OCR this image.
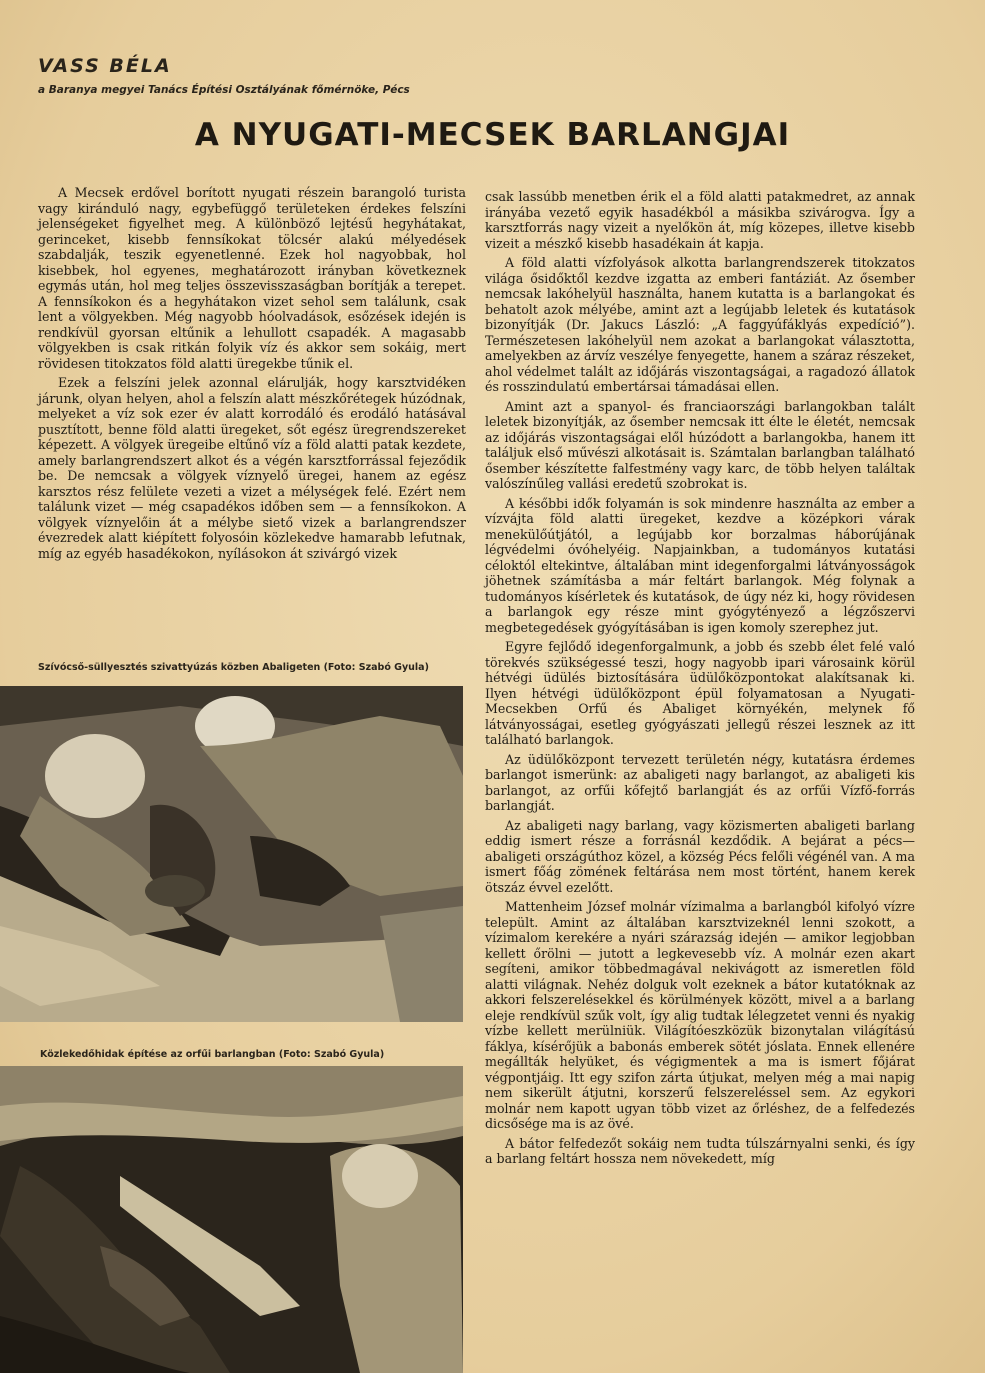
VASS BÉLA
a Baranya megyei Tanács Építési Osztályának főmérnöke, Pécs
A NYUGATI-MECSEK BARLANGJAI

A Mecsek erdővel borított nyugati részein barangoló turista vagy kiránduló nagy, egybefüggő területeken érdekes felszíni jelenségeket figyelhet meg. A különböző lejtésű hegyhátakat, gerinceket, kisebb fennsíkokat tölcsér alakú mélyedések szabdalják, teszik egyenetlenné. Ezek hol nagyobbak, hol kisebbek, hol egyenes, meghatározott irányban következnek egymás után, hol meg teljes összevisszaságban borítják a terepet. A fennsíkokon és a hegyhátakon vizet sehol sem találunk, csak lent a völgyekben. Még nagyobb hóolvadások, esőzések idején is rendkívül gyorsan eltűnik a lehullott csapadék. A magasabb völgyekben is csak ritkán folyik víz és akkor sem sokáig, mert rövidesen titokzatos föld alatti üregekbe tűnik el.

Ezek a felszíni jelek azonnal elárulják, hogy karsztvidéken járunk, olyan helyen, ahol a felszín alatt mészkőrétegek húzódnak, melyeket a víz sok ezer év alatt korrodáló és erodáló hatásával pusztított, benne föld alatti üregeket, sőt egész üregrendszereket képezett. A völgyek üregeibe eltűnő víz a föld alatti patak kezdete, amely barlangrendszert alkot és a végén karsztforrással fejeződik be. De nemcsak a völgyek víznyelő üregei, hanem az egész karsztos rész felülete vezeti a vizet a mélységek felé. Ezért nem találunk vizet — még csapadékos időben sem — a fennsíkokon. A völgyek víznyelőin át a mélybe siető vizek a barlangrendszer évezredek alatt kiépített folyosóin közlekedve hamarabb lefutnak, míg az egyéb hasadékokon, nyílásokon át szivárgó vizek

Szívócső-süllyesztés szivattyúzás közben Abaligeten (Foto: Szabó Gyula)
Közlekedőhidak építése az orfűi barlangban (Foto: Szabó Gyula)

csak lassúbb menetben érik el a föld alatti patakmedret, az annak irányába vezető egyik hasadékból a másikba szivárogva. Így a karsztforrás nagy vizeit a nyelőkön át, míg közepes, illetve kisebb vizeit a mészkő kisebb hasadékain át kapja.

A föld alatti vízfolyások alkotta barlangrendszerek titokzatos világa ősidőktől kezdve izgatta az emberi fantáziát. Az ősember nemcsak lakóhelyül használta, hanem kutatta is a barlangokat és behatolt azok mélyébe, amint azt a legújabb leletek és kutatások bizonyítják (Dr. Jakucs László: „A faggyúfáklyás expedíció”). Természetesen lakóhelyül nem azokat a barlangokat választotta, amelyekben az árvíz veszélye fenyegette, hanem a száraz részeket, ahol védelmet talált az időjárás viszontagságai, a ragadozó állatok és rosszindulatú embertársai támadásai ellen.

Amint azt a spanyol- és franciaországi barlangokban talált leletek bizonyítják, az ősember nemcsak itt élte le életét, nemcsak az időjárás viszontagságai elől húzódott a barlangokba, hanem itt találjuk első művészi alkotásait is. Számtalan barlangban található ősember készítette falfestmény vagy karc, de több helyen találtak valószínűleg vallási eredetű szobrokat is.

A későbbi idők folyamán is sok mindenre használta az ember a vízvájta föld alatti üregeket, kezdve a középkori várak menekülőútjától, a legújabb kor borzalmas háborújának légvédelmi óvóhelyéig. Napjainkban, a tudományos kutatási céloktól eltekintve, általában mint idegenforgalmi látványosságok jöhetnek számításba a már feltárt barlangok. Még folynak a tudományos kísérletek és kutatások, de úgy néz ki, hogy rövidesen a barlangok egy része mint gyógytényező a légzőszervi megbetegedések gyógyításában is igen komoly szerephez jut.

Egyre fejlődő idegenforgalmunk, a jobb és szebb élet felé való törekvés szükségessé teszi, hogy nagyobb ipari városaink körül hétvégi üdülés biztosítására üdülőközpontokat alakítsanak ki. Ilyen hétvégi üdülőközpont épül folyamatosan a Nyugati-Mecsekben Orfű és Abaliget környékén, melynek fő látványosságai, esetleg gyógyászati jellegű részei lesznek az itt található barlangok.

Az üdülőközpont tervezett területén négy, kutatásra érdemes barlangot ismerünk: az abaligeti nagy barlangot, az abaligeti kis barlangot, az orfűi kőfejtő barlangját és az orfűi Vízfő-forrás barlangját.

Az abaligeti nagy barlang, vagy közismerten abaligeti barlang eddig ismert része a forrásnál kezdődik. A bejárat a pécs—abaligeti országúthoz közel, a község Pécs felőli végénél van. A ma ismert főág zömének feltárása nem most történt, hanem kerek ötszáz évvel ezelőtt.

Mattenheim József molnár vízimalma a barlangból kifolyó vízre települt. Amint az általában karsztvizeknél lenni szokott, a vízimalom kerekére a nyári szárazság idején — amikor legjobban kellett őrölni — jutott a legkevesebb víz. A molnár ezen akart segíteni, amikor többedmagával nekivágott az ismeretlen föld alatti világnak. Nehéz dolguk volt ezeknek a bátor kutatóknak az akkori felszerelésekkel és körülmények között, mivel a a barlang eleje rendkívül szűk volt, így alig tudtak lélegzetet venni és nyakig vízbe kellett merülniük. Világítóeszközük bizonytalan világítású fáklya, kísérőjük a babonás emberek sötét jóslata. Ennek ellenére megállták helyüket, és végigmentek a ma is ismert főjárat végpontjáig. Itt egy szifon zárta útjukat, melyen még a mai napig nem sikerült átjutni, korszerű felszereléssel sem. Az egykori molnár nem kapott ugyan több vizet az őrléshez, de a felfedezés dicsősége ma is az övé.

A bátor felfedezőt sokáig nem tudta túlszárnyalni senki, és így a barlang feltárt hossza nem növekedett, míg
